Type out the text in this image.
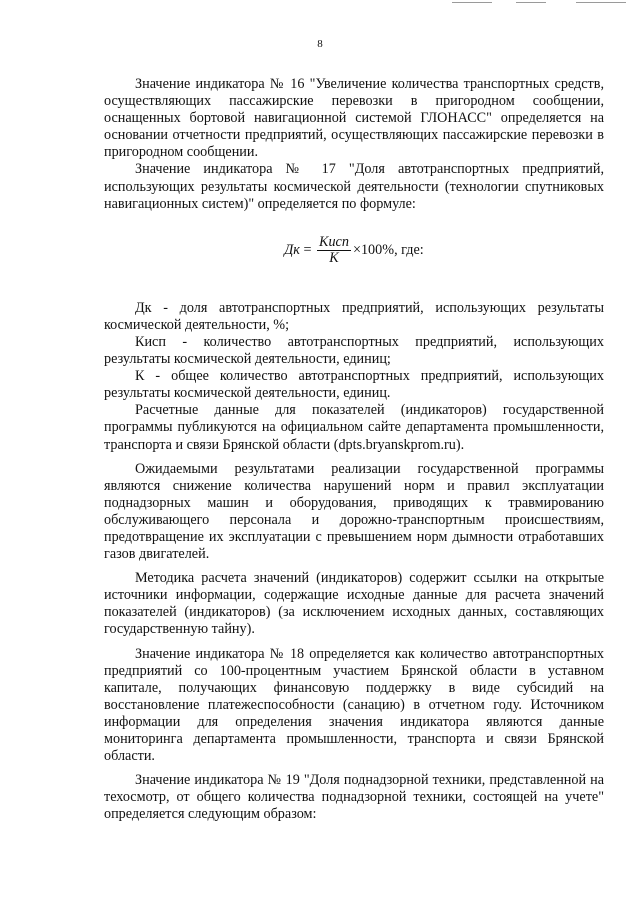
8

Значение индикатора № 16 "Увеличение количества транспортных средств, осуществляющих пассажирские перевозки в пригородном сообщении, оснащенных бортовой навигационной системой ГЛОНАСС" определяется на основании отчетности предприятий, осуществляющих пассажирские перевозки в пригородном сообщении.

Значение индикатора № 17 "Доля автотранспортных предприятий, использующих результаты космической деятельности (технологии спутниковых навигационных систем)" определяется по формуле:

Дк = $\frac{\text{Кисп}}{К} \times 100\%$, где:

Дк - доля автотранспортных предприятий, использующих результаты космической деятельности, %;

Кисп - количество автотранспортных предприятий, использующих результаты космической деятельности, единиц;

К - общее количество автотранспортных предприятий, использующих результаты космической деятельности, единиц.

Расчетные данные для показателей (индикаторов) государственной программы публикуются на официальном сайте департамента промышленности, транспорта и связи Брянской области (dpts.bryanskprom.ru).

Ожидаемыми результатами реализации государственной программы являются снижение количества нарушений норм и правил эксплуатации поднадзорных машин и оборудования, приводящих к травмированию обслуживающего персонала и дорожно-транспортным происшествиям, предотвращение их эксплуатации с превышением норм дымности отработавших газов двигателей.

Методика расчета значений (индикаторов) содержит ссылки на открытые источники информации, содержащие исходные данные для расчета значений показателей (индикаторов) (за исключением исходных данных, составляющих государственную тайну).

Значение индикатора № 18 определяется как количество автотранспортных предприятий со 100-процентным участием Брянской области в уставном капитале, получающих финансовую поддержку в виде субсидий на восстановление платежеспособности (санацию) в отчетном году. Источником информации для определения значения индикатора являются данные мониторинга департамента промышленности, транспорта и связи Брянской области.

Значение индикатора № 19 "Доля поднадзорной техники, представленной на техосмотр, от общего количества поднадзорной техники, состоящей на учете" определяется следующим образом:
